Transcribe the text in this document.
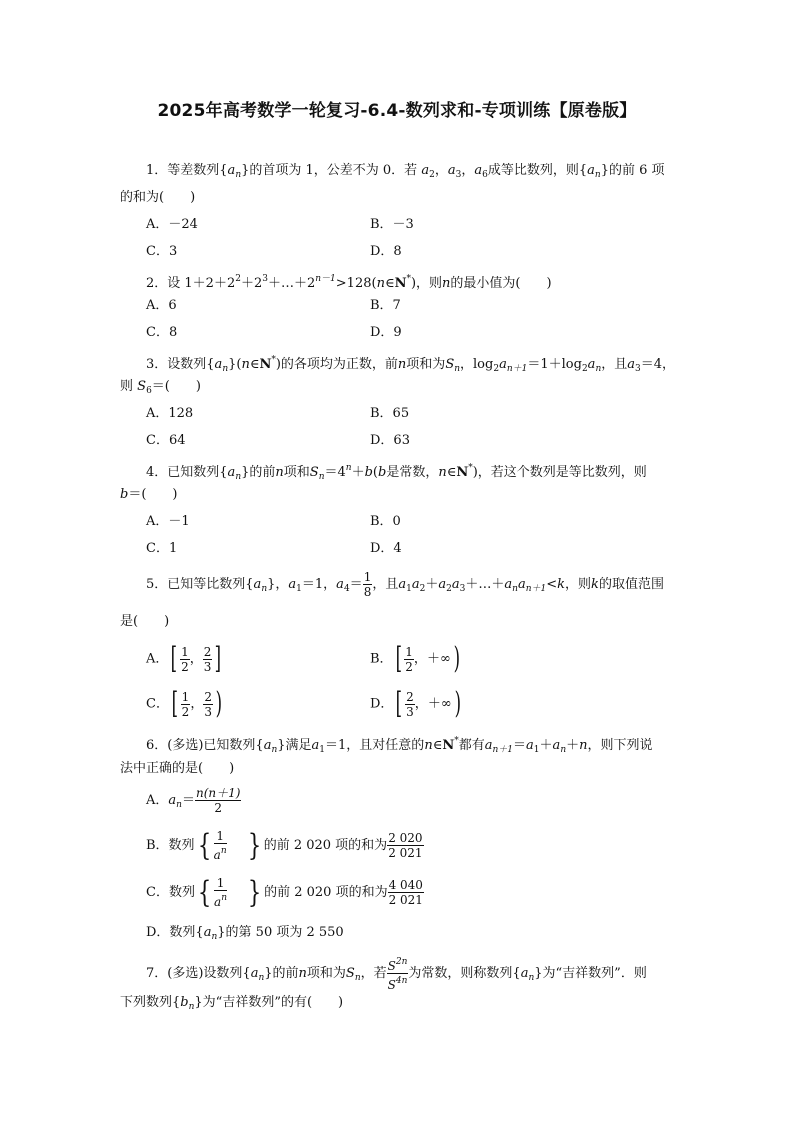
2025年高考数学一轮复习-6.4-数列求和-专项训练【原卷版】
1．等差数列$\{a_n\}$的首项为 1，公差不为 0．若 $a_2$，$a_3$，$a_6$成等比数列，则$\{a_n\}$的前 6 项
的和为(　　)
A．－24	B．－3
C．3	D．8
2．设 $1+2+2^2+2^3+\dots+2^{n-1}>128(n\in N^*)$，则n的最小值为(　　)
A．6	B．7
C．8	D．9
3．设数列$\{a_n\}(n\in N^*)$的各项均为正数，前n项和为$S_n$，$\log_2a_{n+1}=1+\log_2a_n$，且$a_3=4$，
则 $S_6=$(　　)
A．128	B．65
C．64	D．63
4．已知数列$\{a_n\}$的前n项和$S_n=4^n+b(b$是常数，n∈N*)，若这个数列是等比数列，则
b＝(　　)
A．－1	B．0
C．1	D．4
5．已知等比数列$\{a_n\}$，$a_1=1$，$a_4= \frac{1}{8}$ ，且$a_1a_2+a_2a_3+\dots+a_na_{n+1}<k$，则k的取值范围
是(　　)
A．[ $\frac{1}{2}$ ， $\frac{2}{3}$ ]	B．[ $\frac{1}{2}$ ，＋∞)
C．[ $\frac{1}{2}$ ， $\frac{2}{3}$ )	D．[ $\frac{2}{3}$ ，＋∞)
6．(多选)已知数列$\{a_n\}$满足$a_1=1$，且对任意的n∈N*都有$a_{n+1}=a_1+a_n+n$，则下列说
法中正确的是(　　)
A．$a_n= \frac{n(n+1)}{2}$
B．数列{ $\frac{1}{a^n}$ } 的前 2 020 项的和为 $\frac{2 020}{2 021}$
C．数列{ $\frac{1}{a^n}$ } 的前 2 020 项的和为 $\frac{4 040}{2 021}$
D．数列$\{a_n\}$的第 50 项为 2 550
7．(多选)设数列$\{a_n\}$的前n项和为$S_n$，若 $\frac{S^{2n}}{S^{4n}}$ 为常数，则称数列$\{a_n\}$为“吉祥数列”．则
下列数列$\{b_n\}$为“吉祥数列”的有(　　)
